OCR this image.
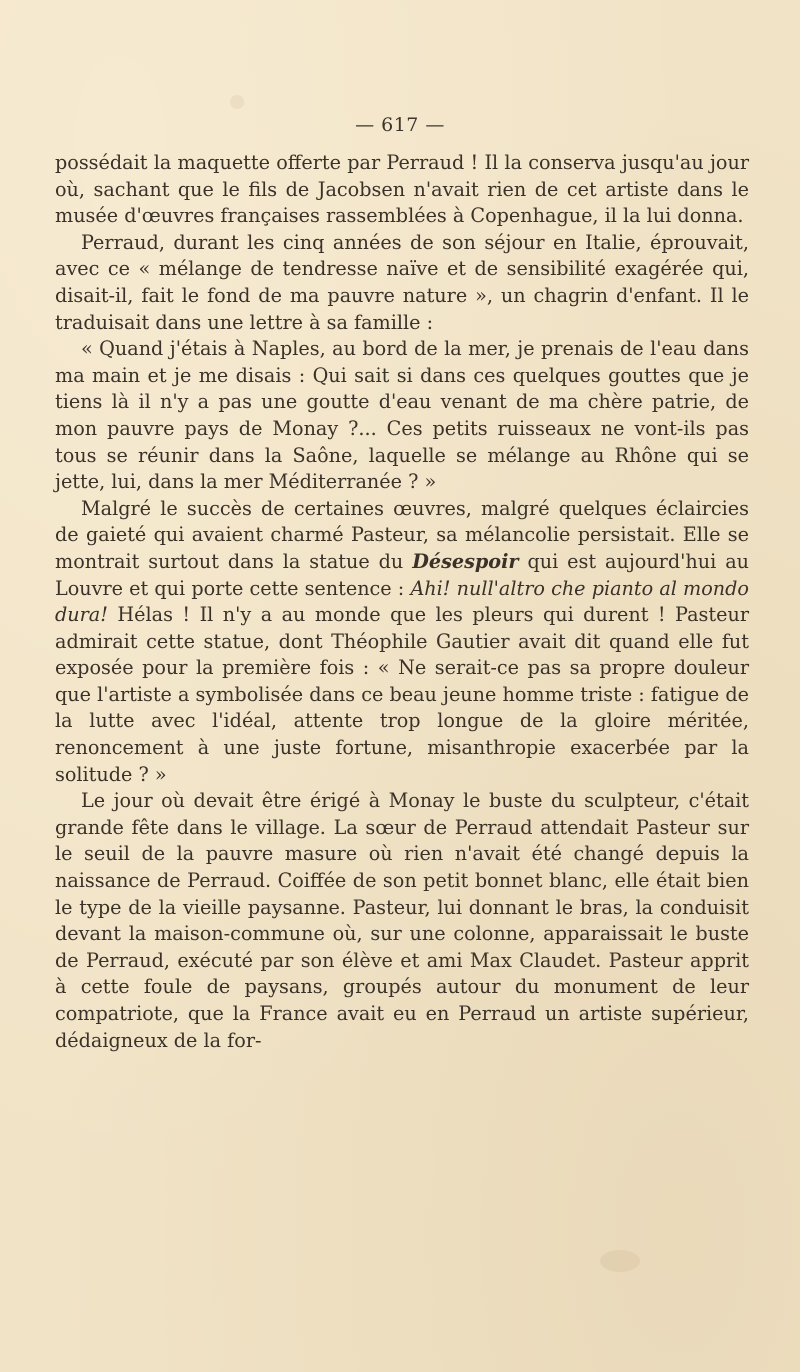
— 617 —

possédait la maquette offerte par Perraud ! Il la conserva jusqu'au jour où, sachant que le fils de Jacobsen n'avait rien de cet artiste dans le musée d'œuvres françaises rassemblées à Copenhague, il la lui donna.

Perraud, durant les cinq années de son séjour en Italie, éprouvait, avec ce « mélange de tendresse naïve et de sensibilité exagérée qui, disait-il, fait le fond de ma pauvre nature », un chagrin d'enfant. Il le traduisait dans une lettre à sa famille :

« Quand j'étais à Naples, au bord de la mer, je prenais de l'eau dans ma main et je me disais : Qui sait si dans ces quelques gouttes que je tiens là il n'y a pas une goutte d'eau venant de ma chère patrie, de mon pauvre pays de Monay ?... Ces petits ruisseaux ne vont-ils pas tous se réunir dans la Saône, laquelle se mélange au Rhône qui se jette, lui, dans la mer Méditerranée ? »

Malgré le succès de certaines œuvres, malgré quelques éclaircies de gaieté qui avaient charmé Pasteur, sa mélancolie persistait. Elle se montrait surtout dans la statue du Désespoir qui est aujourd'hui au Louvre et qui porte cette sentence : Ahi! null'altro che pianto al mondo dura! Hélas ! Il n'y a au monde que les pleurs qui durent ! Pasteur admirait cette statue, dont Théophile Gautier avait dit quand elle fut exposée pour la première fois : « Ne serait-ce pas sa propre douleur que l'artiste a symbolisée dans ce beau jeune homme triste : fatigue de la lutte avec l'idéal, attente trop longue de la gloire méritée, renoncement à une juste fortune, misanthropie exacerbée par la solitude ? »

Le jour où devait être érigé à Monay le buste du sculpteur, c'était grande fête dans le village. La sœur de Perraud attendait Pasteur sur le seuil de la pauvre masure où rien n'avait été changé depuis la naissance de Perraud. Coiffée de son petit bonnet blanc, elle était bien le type de la vieille paysanne. Pasteur, lui donnant le bras, la conduisit devant la maison-commune où, sur une colonne, apparaissait le buste de Perraud, exécuté par son élève et ami Max Claudet. Pasteur apprit à cette foule de paysans, groupés autour du monument de leur compatriote, que la France avait eu en Perraud un artiste supérieur, dédaigneux de la for-
